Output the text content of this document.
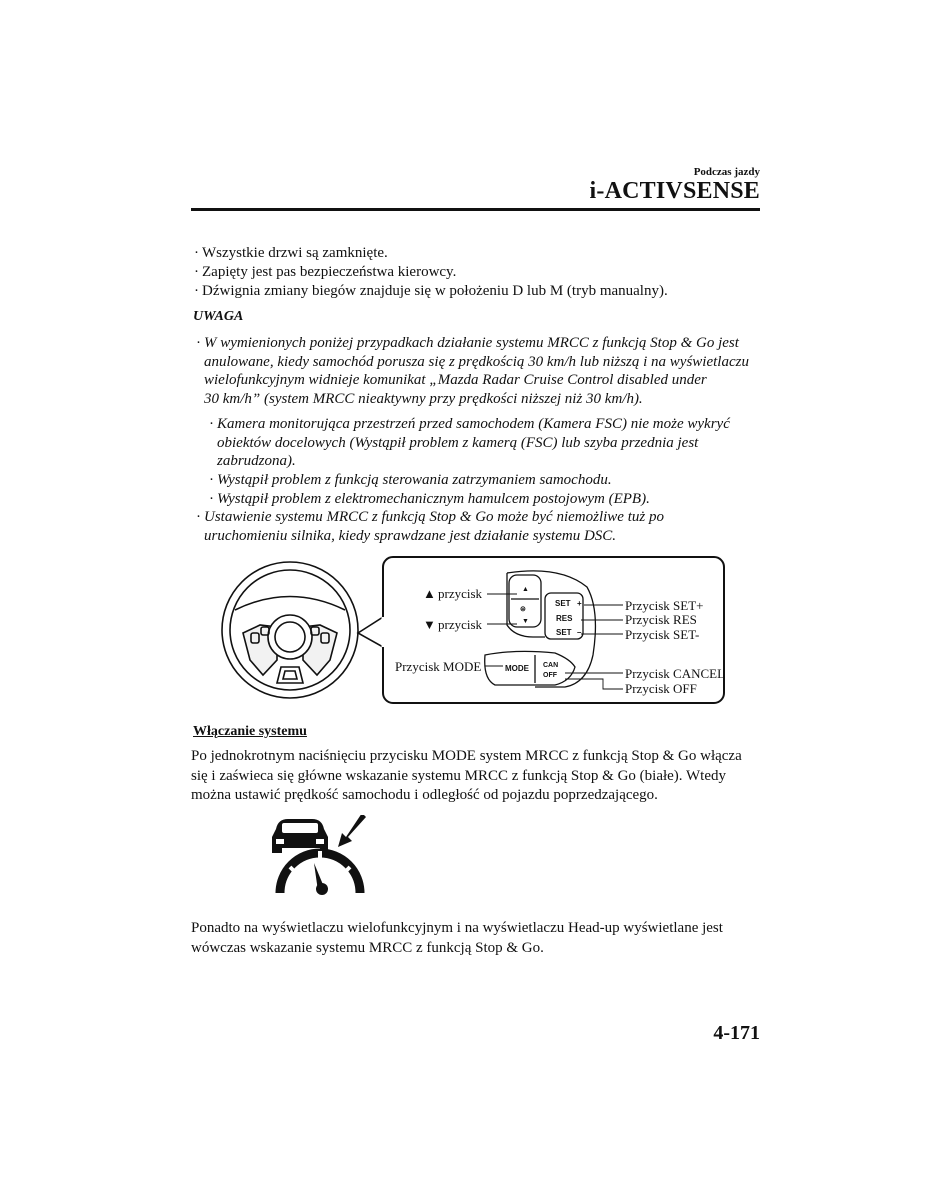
Podczas jazdy
i-ACTIVSENSE
· Wszystkie drzwi są zamknięte.
· Zapięty jest pas bezpieczeństwa kierowcy.
· Dźwignia zmiany biegów znajduje się w położeniu D lub M (tryb manualny).
UWAGA
· W wymienionych poniżej przypadkach działanie systemu MRCC z funkcją Stop & Go jest
anulowane, kiedy samochód porusza się z prędkością 30 km/h lub niższą i na wyświetlaczu
wielofunkcyjnym widnieje komunikat „Mazda Radar Cruise Control disabled under
30 km/h” (system MRCC nieaktywny przy prędkości niższej niż 30 km/h).
· Kamera monitorująca przestrzeń przed samochodem (Kamera FSC) nie może wykryć
obiektów docelowych (Wystąpił problem z kamerą (FSC) lub szyba przednia jest
zabrudzona).
· Wystąpił problem z funkcją sterowania zatrzymaniem samochodu.
· Wystąpił problem z elektromechanicznym hamulcem postojowym (EPB).
· Ustawienie systemu MRCC z funkcją Stop & Go może być niemożliwe tuż po
uruchomieniu silnika, kiedy sprawdzane jest działanie systemu DSC.
▲
⊜
▼
SET +
RES
SET –
MODE CAN
OFF
▲ przycisk
▼ przycisk
Przycisk MODE
Przycisk SET+
Przycisk RES
Przycisk SET-
Przycisk CANCEL
Przycisk OFF
Włączanie systemu
Po jednokrotnym naciśnięciu przycisku MODE system MRCC z funkcją Stop & Go włącza
się i zaświeca się główne wskazanie systemu MRCC z funkcją Stop & Go (białe). Wtedy
można ustawić prędkość samochodu i odległość od pojazdu poprzedzającego.
Ponadto na wyświetlaczu wielofunkcyjnym i na wyświetlaczu Head-up wyświetlane jest
wówczas wskazanie systemu MRCC z funkcją Stop & Go.
4-171
